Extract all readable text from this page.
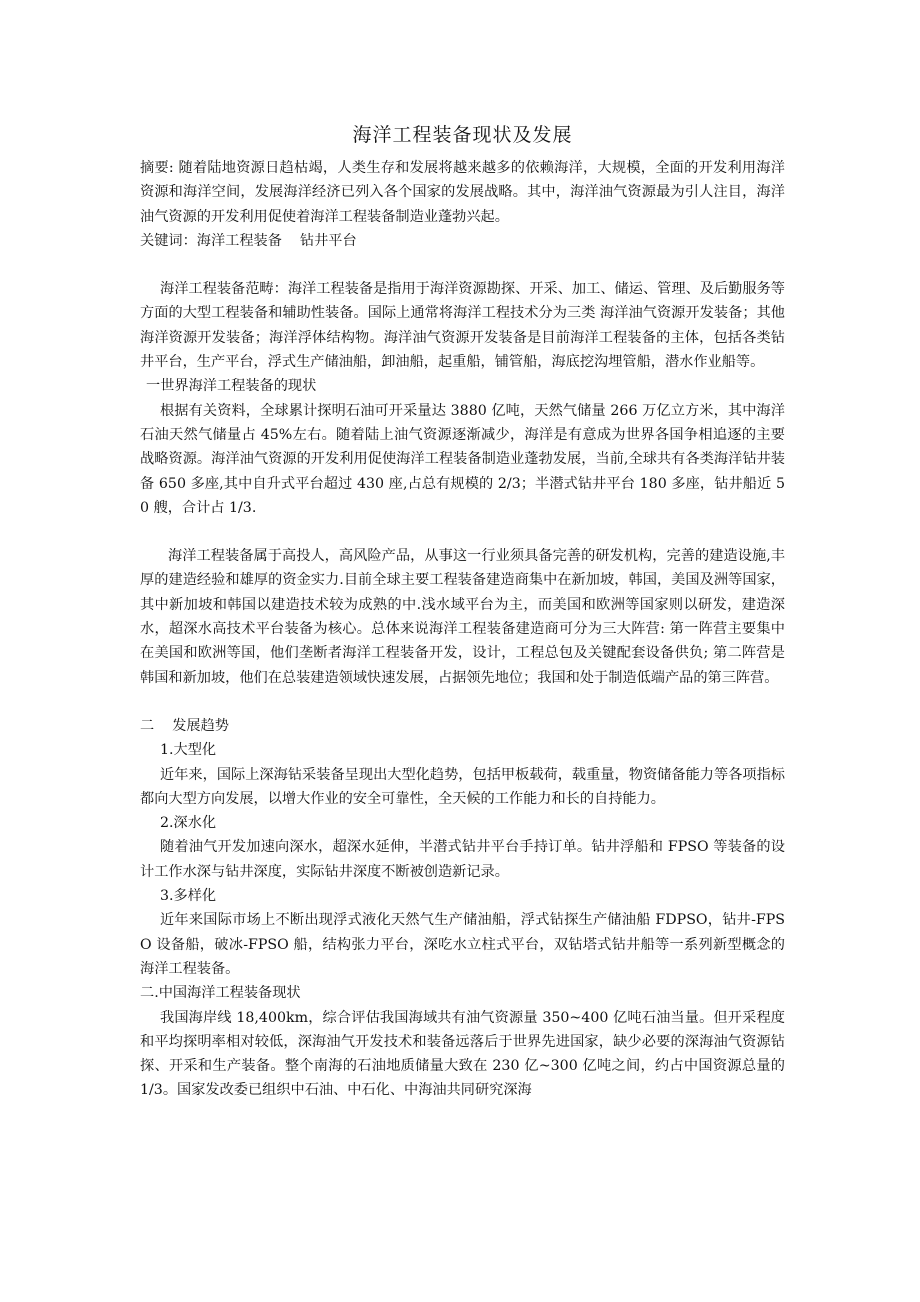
海洋工程装备现状及发展

摘要: 随着陆地资源日趋枯竭，人类生存和发展将越来越多的依赖海洋，大规模，全面的开发利用海洋资源和海洋空间，发展海洋经济已列入各个国家的发展战略。其中，海洋油气资源最为引人注目，海洋油气资源的开发利用促使着海洋工程装备制造业蓬勃兴起。

关键词：海洋工程装备    钻井平台

海洋工程装备范畴：海洋工程装备是指用于海洋资源勘探、开采、加工、储运、管理、及后勤服务等方面的大型工程装备和辅助性装备。国际上通常将海洋工程技术分为三类 海洋油气资源开发装备；其他海洋资源开发装备；海洋浮体结构物。海洋油气资源开发装备是目前海洋工程装备的主体，包括各类钻井平台，生产平台，浮式生产储油船，卸油船，起重船，铺管船，海底挖沟埋管船，潜水作业船等。

一世界海洋工程装备的现状

根据有关资料，全球累计探明石油可开采量达 3880 亿吨，天然气储量 266 万亿立方米，其中海洋石油天然气储量占 45%左右。随着陆上油气资源逐渐减少，海洋是有意成为世界各国争相追逐的主要战略资源。海洋油气资源的开发利用促使海洋工程装备制造业蓬勃发展，当前,全球共有各类海洋钻井装备 650 多座,其中自升式平台超过 430 座,占总有规模的 2/3；半潜式钻井平台 180 多座，钻井船近 50 艘，合计占 1/3.

海洋工程装备属于高投人，高风险产品，从事这一行业须具备完善的研发机构，完善的建造设施,丰厚的建造经验和雄厚的资金实力.目前全球主要工程装备建造商集中在新加坡，韩国，美国及洲等国家，其中新加坡和韩国以建造技术较为成熟的中.浅水域平台为主，而美国和欧洲等国家则以研发，建造深水，超深水高技术平台装备为核心。总体来说海洋工程装备建造商可分为三大阵营: 第一阵营主要集中在美国和欧洲等国，他们垄断者海洋工程装备开发，设计，工程总包及关键配套设备供负; 第二阵营是韩国和新加坡，他们在总装建造领域快速发展，占据领先地位；我国和处于制造低端产品的第三阵营。

二    发展趋势

1.大型化

近年来，国际上深海钻采装备呈现出大型化趋势，包括甲板载荷，载重量，物资储备能力等各项指标都向大型方向发展，以增大作业的安全可靠性，全天候的工作能力和长的自持能力。

2.深水化

随着油气开发加速向深水，超深水延伸，半潜式钻井平台手持订单。钻井浮船和 FPSO 等装备的设计工作水深与钻井深度，实际钻井深度不断被创造新记录。

3.多样化

近年来国际市场上不断出现浮式液化天然气生产储油船，浮式钻探生产储油船 FDPSO，钻井-FPSO 设备船，破冰-FPSO 船，结构张力平台，深吃水立柱式平台，双钻塔式钻井船等一系列新型概念的海洋工程装备。

二.中国海洋工程装备现状

我国海岸线 18,400km，综合评估我国海域共有油气资源量 350~400 亿吨石油当量。但开采程度和平均探明率相对较低，深海油气开发技术和装备远落后于世界先进国家，缺少必要的深海油气资源钻探、开采和生产装备。整个南海的石油地质储量大致在 230 亿~300 亿吨之间，约占中国资源总量的 1/3。国家发改委已组织中石油、中石化、中海油共同研究深海
